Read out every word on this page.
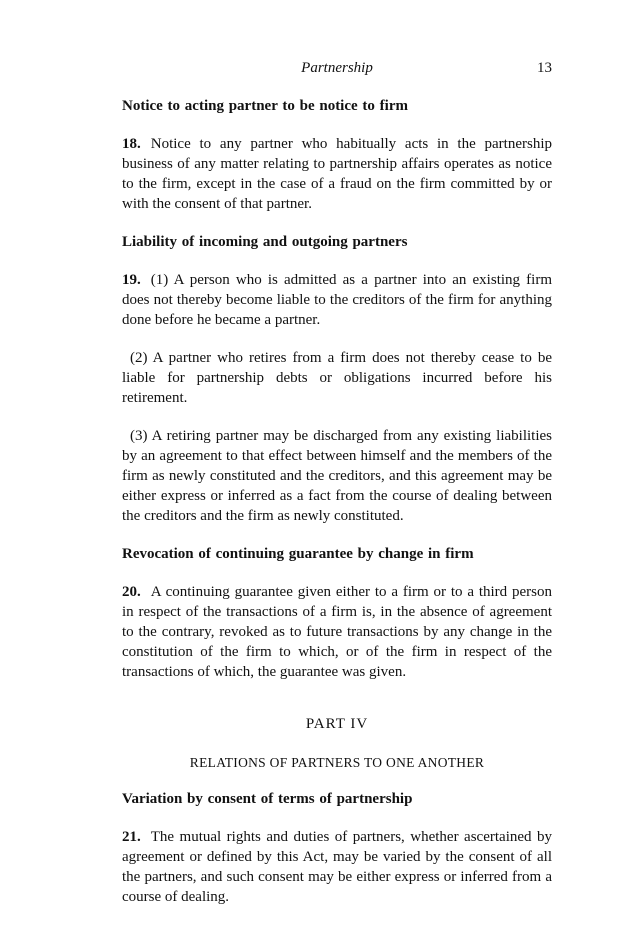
Partnership	13
Notice to acting partner to be notice to firm

18. Notice to any partner who habitually acts in the partnership business of any matter relating to partnership affairs operates as notice to the firm, except in the case of a fraud on the firm committed by or with the consent of that partner.

Liability of incoming and outgoing partners

19. (1) A person who is admitted as a partner into an existing firm does not thereby become liable to the creditors of the firm for anything done before he became a partner.

(2) A partner who retires from a firm does not thereby cease to be liable for partnership debts or obligations incurred before his retirement.

(3) A retiring partner may be discharged from any existing liabilities by an agreement to that effect between himself and the members of the firm as newly constituted and the creditors, and this agreement may be either express or inferred as a fact from the course of dealing between the creditors and the firm as newly constituted.

Revocation of continuing guarantee by change in firm

20. A continuing guarantee given either to a firm or to a third person in respect of the transactions of a firm is, in the absence of agreement to the contrary, revoked as to future transactions by any change in the constitution of the firm to which, or of the firm in respect of the transactions of which, the guarantee was given.

PART IV
RELATIONS OF PARTNERS TO ONE ANOTHER
Variation by consent of terms of partnership

21. The mutual rights and duties of partners, whether ascertained by agreement or defined by this Act, may be varied by the consent of all the partners, and such consent may be either express or inferred from a course of dealing.
